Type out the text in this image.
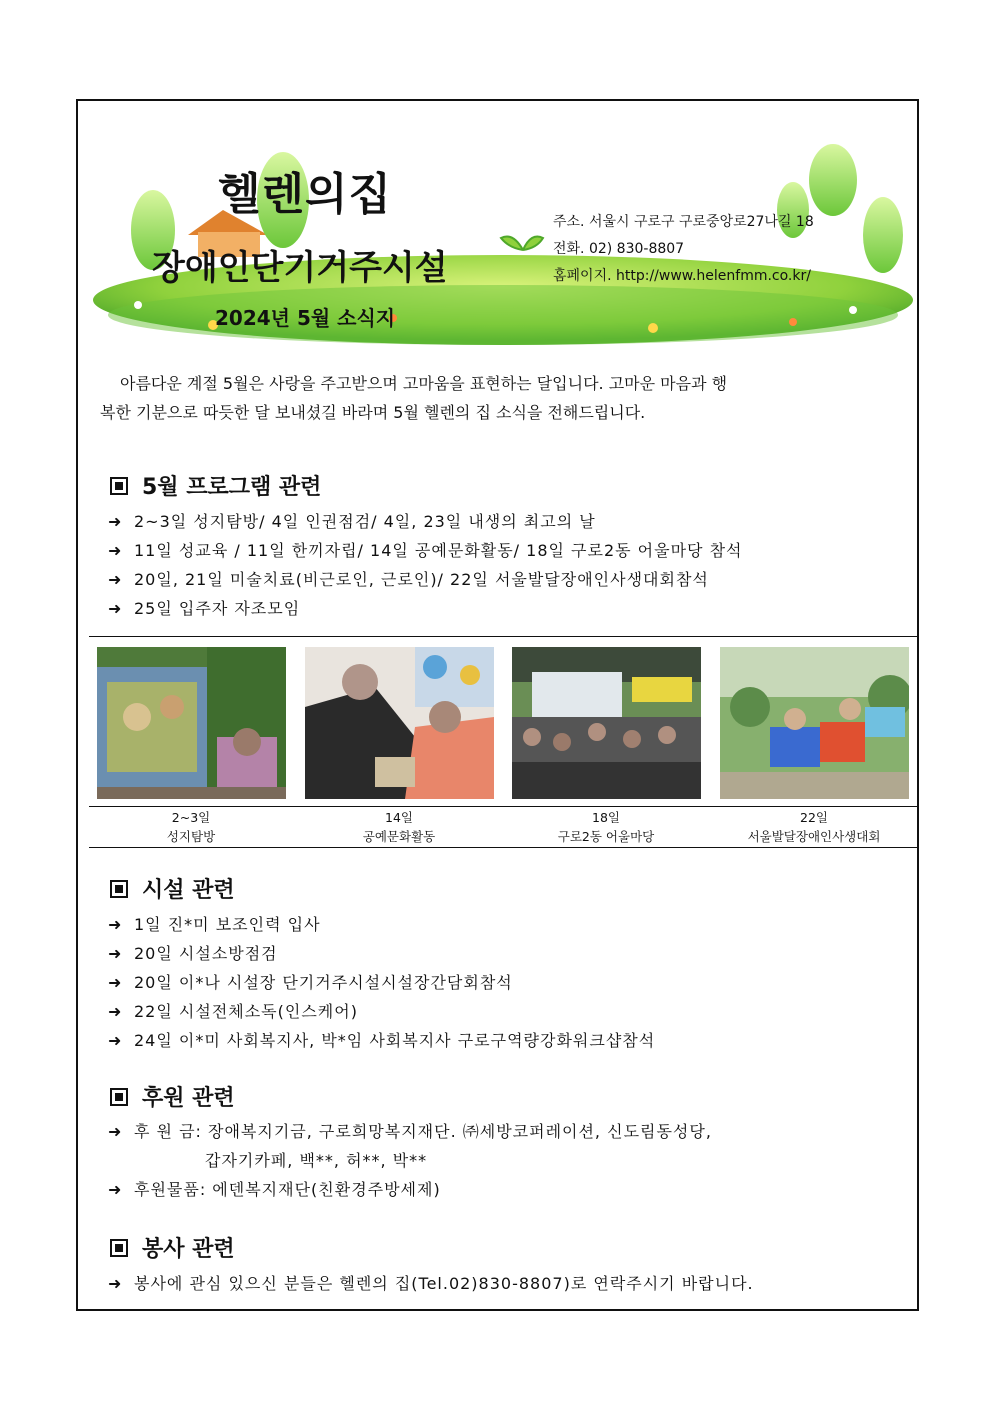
헬렌의집
장애인단기거주시설
2024년 5월 소식지
주소. 서울시 구로구 구로중앙로27나길 18
전화. 02) 830-8807
홈페이지. http://www.helenfmm.co.kr/
아름다운 계절 5월은 사랑을 주고받으며 고마움을 표현하는 달입니다. 고마운 마음과 행
복한 기분으로 따듯한 달 보내셨길 바라며 5월 헬렌의 집 소식을 전해드립니다.
5월 프로그램 관련
➜ 2~3일 성지탐방/ 4일 인권점검/ 4일, 23일 내생의 최고의 날
➜ 11일 성교육 / 11일 한끼자립/ 14일 공예문화활동/ 18일 구로2동 어울마당 참석
➜ 20일, 21일 미술치료(비근로인, 근로인)/ 22일 서울발달장애인사생대회참석
➜ 25일 입주자 자조모임
2~3일
성지탐방
14일
공예문화활동
18일
구로2동 어울마당
22일
서울발달장애인사생대회
시설 관련
➜ 1일 진*미 보조인력 입사
➜ 20일 시설소방점검
➜ 20일 이*나 시설장 단기거주시설시설장간담회참석
➜ 22일 시설전체소독(인스케어)
➜ 24일 이*미 사회복지사, 박*임 사회복지사 구로구역량강화워크샵참석
후원 관련
➜ 후 원 금: 장애복지기금, 구로희망복지재단. ㈜세방코퍼레이션, 신도림동성당,
갑자기카페, 백**, 허**, 박**
➜ 후원물품: 에덴복지재단(친환경주방세제)
봉사 관련
➜ 봉사에 관심 있으신 분들은 헬렌의 집(Tel.02)830-8807)로 연락주시기 바랍니다.
